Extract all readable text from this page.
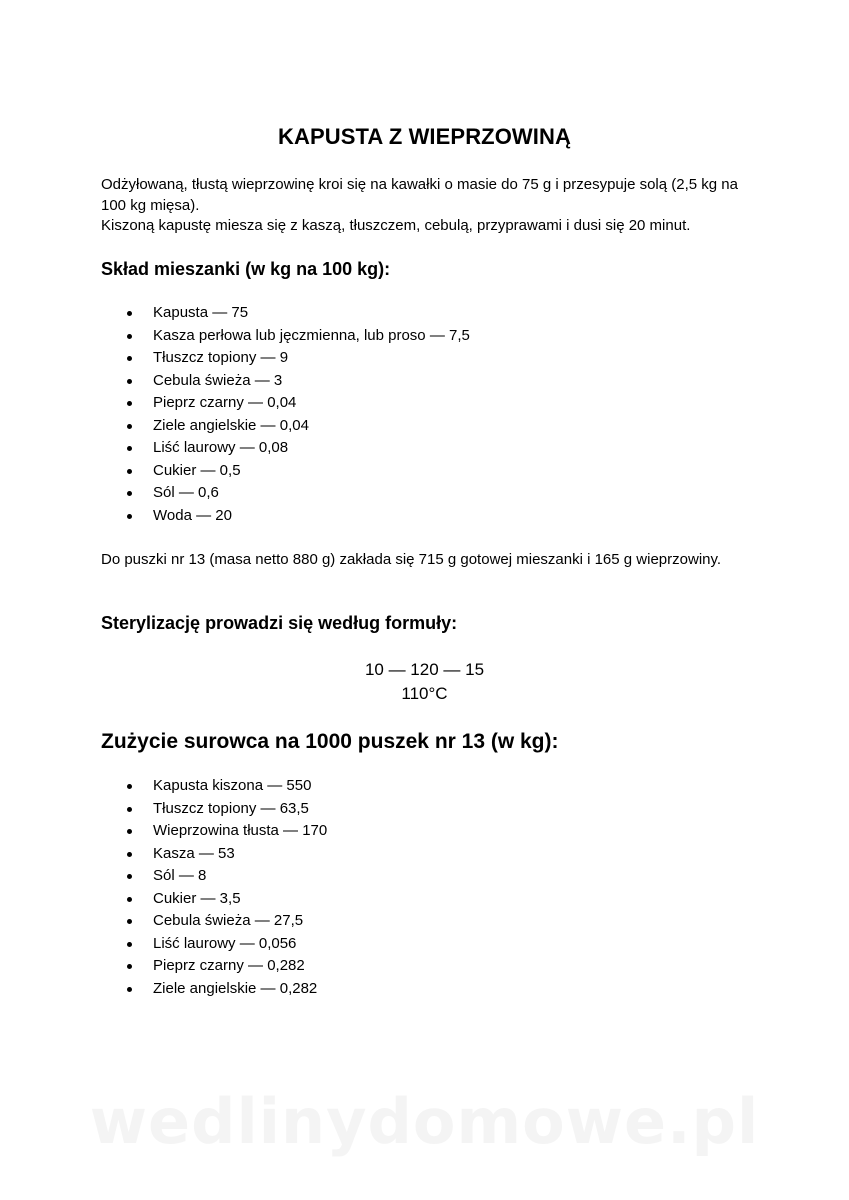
KAPUSTA Z WIEPRZOWINĄ

Odżyłowaną, tłustą wieprzowinę kroi się na kawałki o masie do 75 g i przesypuje solą (2,5 kg na 100 kg mięsa).

Kiszoną kapustę miesza się z kaszą, tłuszczem, cebulą, przyprawami i dusi się 20 minut.

Skład mieszanki (w kg na 100 kg):
Kapusta — 75
Kasza perłowa lub jęczmienna, lub proso — 7,5
Tłuszcz topiony — 9
Cebula świeża — 3
Pieprz czarny — 0,04
Ziele angielskie — 0,04
Liść laurowy — 0,08
Cukier — 0,5
Sól — 0,6
Woda — 20
Do puszki nr 13 (masa netto 880 g) zakłada się 715 g gotowej mieszanki i 165 g wieprzowiny.
Sterylizację prowadzi się według formuły:
10 — 120 — 15
110°C
Zużycie surowca na 1000 puszek nr 13 (w kg):
Kapusta kiszona — 550
Tłuszcz topiony — 63,5
Wieprzowina tłusta — 170
Kasza — 53
Sól — 8
Cukier — 3,5
Cebula świeża — 27,5
Liść laurowy — 0,056
Pieprz czarny — 0,282
Ziele angielskie — 0,282
wedlinydomowe.pl
